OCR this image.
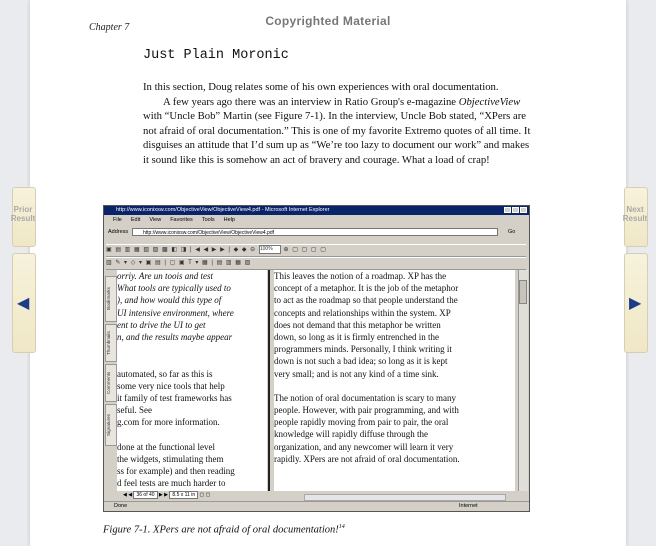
Copyrighted Material
Chapter 7
Just Plain Moronic

In this section, Doug relates some of his own experiences with oral documentation.

A few years ago there was an interview in Ratio Group's e-magazine ObjectiveView with “Uncle Bob” Martin (see Figure 7-1). In the interview, Uncle Bob stated, “XPers are not afraid of oral documentation.” This is one of my favorite Extremo quotes of all time. It disguises an attitude that I’d sum up as “We’re too lazy to document our work” and makes it sound like this is somehow an act of bravery and courage. What a load of crap!

Prior
Result
◀
Next
Result
▶
http://www.iconixsw.com/ObjectiveView/ObjectiveView4.pdf - Microsoft Internet Explorer
File Edit View Favorites Tools Help
Address	http://www.iconixsw.com/ObjectiveView/ObjectiveView4.pdf	Go
▣ ▤ ▥ ▦ ▧ ▨ ▩ ◧ ◨ | ◀ ◀ ▶ ▶ | ◆ ◆ ⊖ 100% ⊕ ▢ ▢ ▢ ▢
▥ ✎ ▾ ◇ ▾ ▣ ▤ | ▢ ▣ T ▾ ▦ | ▤ ▥ ▦ ▧
Bookmarks
Thumbnails
Comments
Signatures
orriy. Are un toois and test
What tools are typically used to
), and how would this type of
UI intensive environment, where
ent to drive the UI to get
n, and the results maybe appear

automated, so far as this is
some very nice tools that help
it family of test frameworks has
seful. See
g.com for more information.

done at the functional level
the widgets, stimulating them
ss for example) and then reading
d feel tests are much harder to

This leaves the notion of a roadmap. XP has the
concept of a metaphor. It is the job of the metaphor
to act as the roadmap so that people understand the
concepts and relationships within the system. XP
does not demand that this metaphor be written
down, so long as it is firmly entrenched in the
programmers minds. Personally, I think writing it
down is not such a bad idea; so long as it is kept
very small; and is not any kind of a time sink.

The notion of oral documentation is scary to many
people. However, with pair programming, and with
people rapidly moving from pair to pair, the oral
knowledge will rapidly diffuse through the
organization, and any newcomer will learn it very
rapidly. XPers are not afraid of oral documentation.

◀ ◀ 36 of 40 ▶ ▶ 8.5 x 11 in ▢ ▢
Done	Internet
Figure 7-1. XPers are not afraid of oral documentation!$^{14}$
